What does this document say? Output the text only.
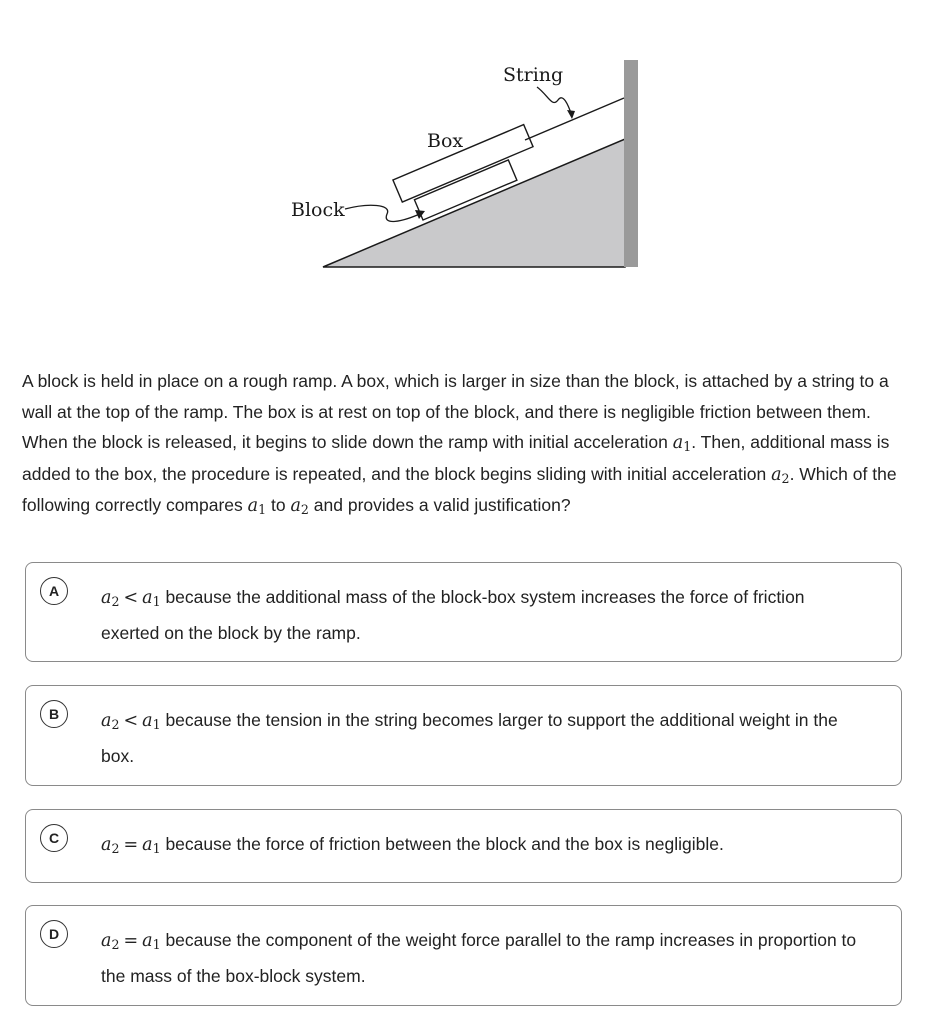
String
Box
Block
A block is held in place on a rough ramp. A box, which is larger in size than the block, is attached by a string to a wall at the top of the ramp. The box is at rest on top of the block, and there is negligible friction between them. When the block is released, it begins to slide down the ramp with initial acceleration $a_1$. Then, additional mass is added to the box, the procedure is repeated, and the block begins sliding with initial acceleration $a_2$. Which of the following correctly compares $a_1$ to $a_2$ and provides a valid justification?
A	$a_2 < a_1$ because the additional mass of the block-box system increases the force of friction exerted on the block by the ramp.
B	$a_2 < a_1$ because the tension in the string becomes larger to support the additional weight in the box.
C	$a_2 = a_1$ because the force of friction between the block and the box is negligible.
D	$a_2 = a_1$ because the component of the weight force parallel to the ramp increases in proportion to the mass of the box-block system.
